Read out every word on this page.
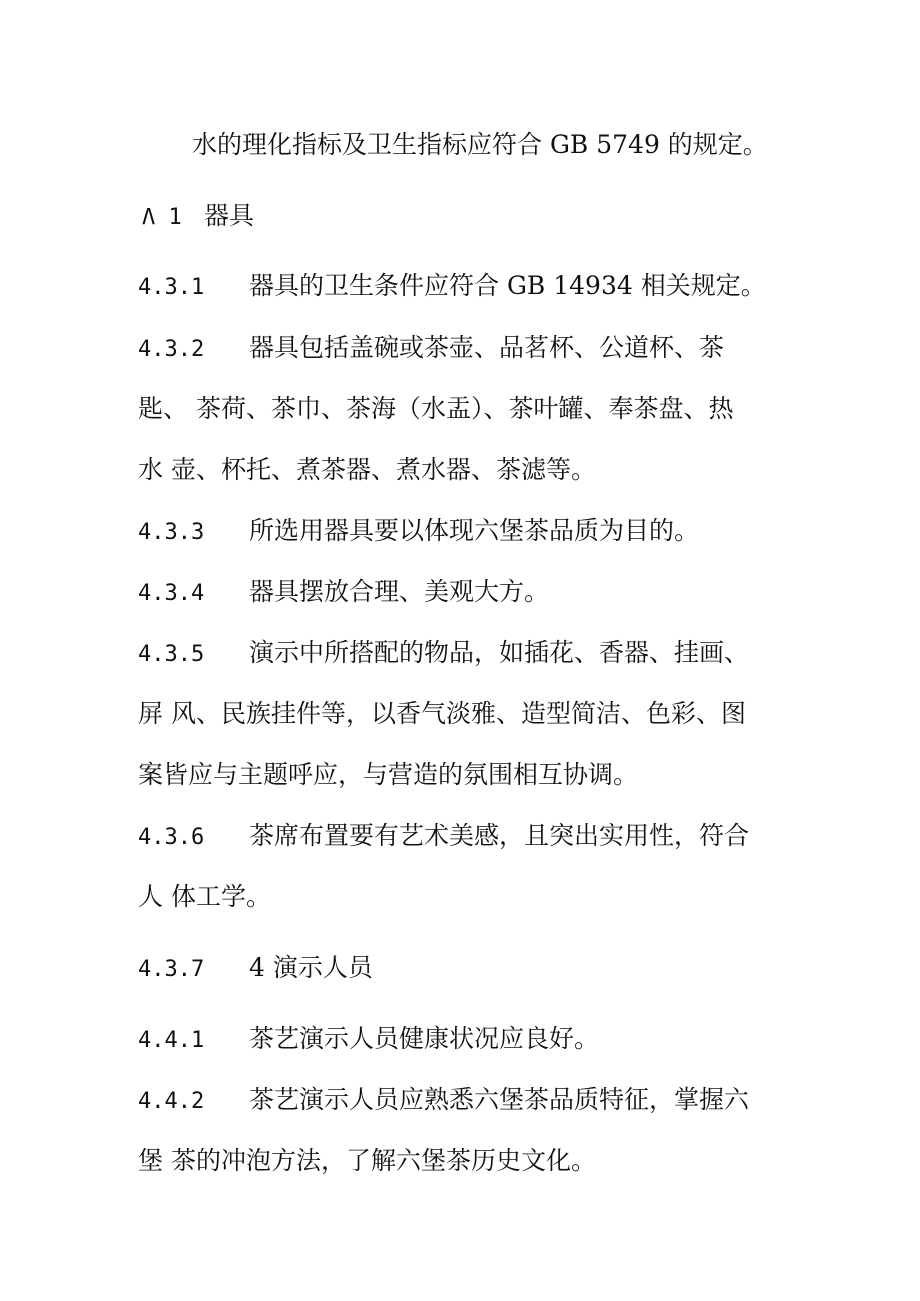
水的理化指标及卫生指标应符合 GB 5749 的规定。
Λ 1 器具
4.3.1 器具的卫生条件应符合 GB 14934 相关规定。
4.3.2 器具包括盖碗或茶壶、品茗杯、公道杯、茶
匙、 茶荷、茶巾、茶海（水盂）、茶叶罐、奉茶盘、热
水 壶、杯托、煮茶器、煮水器、茶滤等。
4.3.3 所选用器具要以体现六堡茶品质为目的。
4.3.4 器具摆放合理、美观大方。
4.3.5 演示中所搭配的物品，如插花、香器、挂画、
屏 风、民族挂件等，以香气淡雅、造型简洁、色彩、图
案皆应与主题呼应，与营造的氛围相互协调。
4.3.6 茶席布置要有艺术美感，且突出实用性，符合
人 体工学。
4.3.7 4 演示人员
4.4.1 茶艺演示人员健康状况应良好。
4.4.2 茶艺演示人员应熟悉六堡茶品质特征，掌握六
堡 茶的冲泡方法，了解六堡茶历史文化。
